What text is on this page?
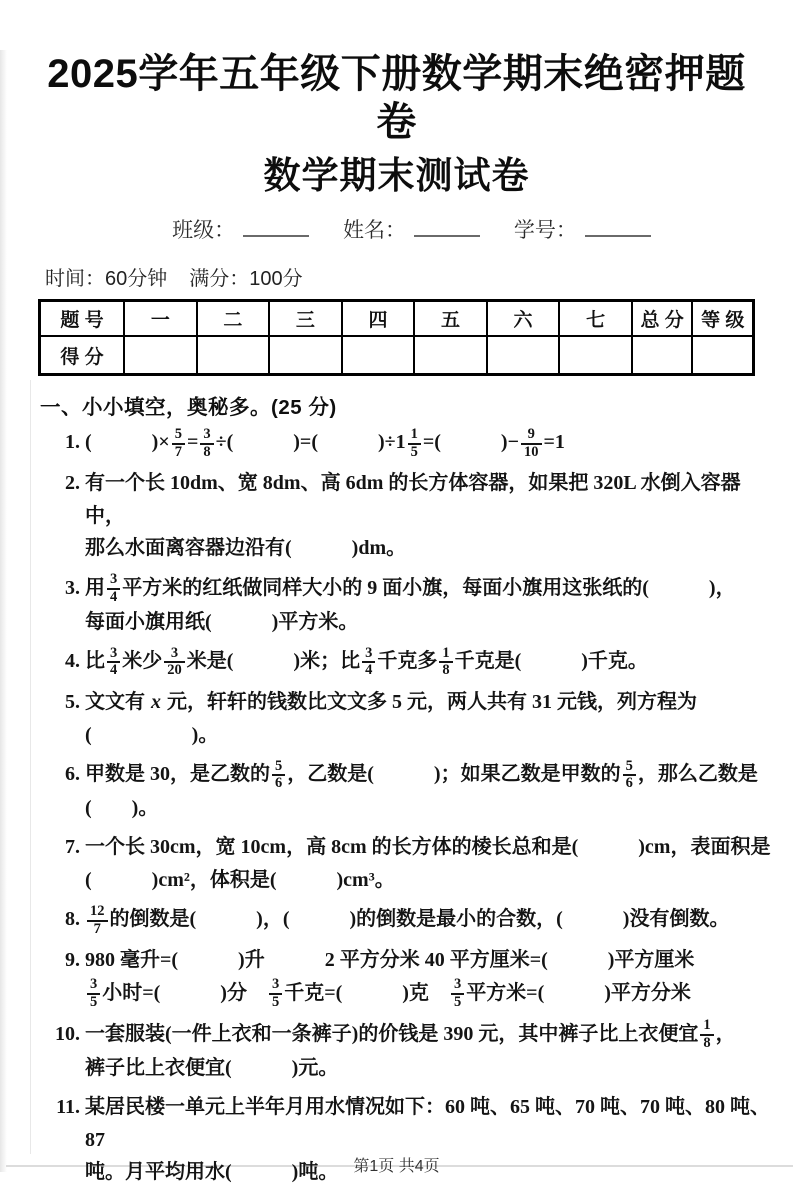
2025学年五年级下册数学期末绝密押题卷
数学期末测试卷
班级：	姓名：	学号：
时间：60分钟 满分：100分
题 号	一	二	三	四	五	六	七	总 分	等 级
得 分									
一、小小填空，奥秘多。(25 分)
1. (　　　)× $\frac{5}{7} = \frac{3}{8}$ ÷(　　　)=(　　　)$\div 1 \frac{1}{5}$ =(　　　)− $\frac{9}{10} =1$
2. 有一个长 10dm、宽 8dm、高 6dm 的长方体容器，如果把 320L 水倒入容器中，
那么水面离容器边沿有(　　　)dm。
3. 用 $\frac{3}{4}$ 平方米的红纸做同样大小的 9 面小旗，每面小旗用这张纸的(　　　)，
每面小旗用纸(　　　)平方米。
4. 比 $\frac{3}{4}$ 米少 $\frac{3}{20}$ 米是(　　　)米；比 $\frac{3}{4}$ 千克多 $\frac{1}{8}$ 千克是(　　　)千克。
5. 文文有 x 元，轩轩的钱数比文文多 5 元，两人共有 31 元钱，列方程为
(　　　　　)。
6. 甲数是 30，是乙数的 $\frac{5}{6}$ ，乙数是(　　　)；如果乙数是甲数的 $\frac{5}{6}$ ，那么乙数是
(　　)。
7. 一个长 30cm，宽 10cm，高 8cm 的长方体的棱长总和是(　　　)cm，表面积是
(　　　)cm²，体积是(　　　)cm³。
8. $\frac{12}{7}$ 的倒数是(　　　)，(　　　)的倒数是最小的合数，(　　　)没有倒数。
9. 980 毫升=(　　　)升　　　2 平方分米 40 平方厘米=(　　　)平方厘米

$\frac{3}{5}$ 小时=(　　　)分　 $\frac{3}{5}$ 千克=(　　　)克　 $\frac{3}{5}$ 平方米=(　　　)平方分米
10. 一套服装(一件上衣和一条裤子)的价钱是 390 元，其中裤子比上衣便宜 $\frac{1}{8}$ ，
裤子比上衣便宜(　　　)元。
11. 某居民楼一单元上半年月用水情况如下：60 吨、65 吨、70 吨、70 吨、80 吨、87
吨。月平均用水(　　　)吨。 第1页 共4页
